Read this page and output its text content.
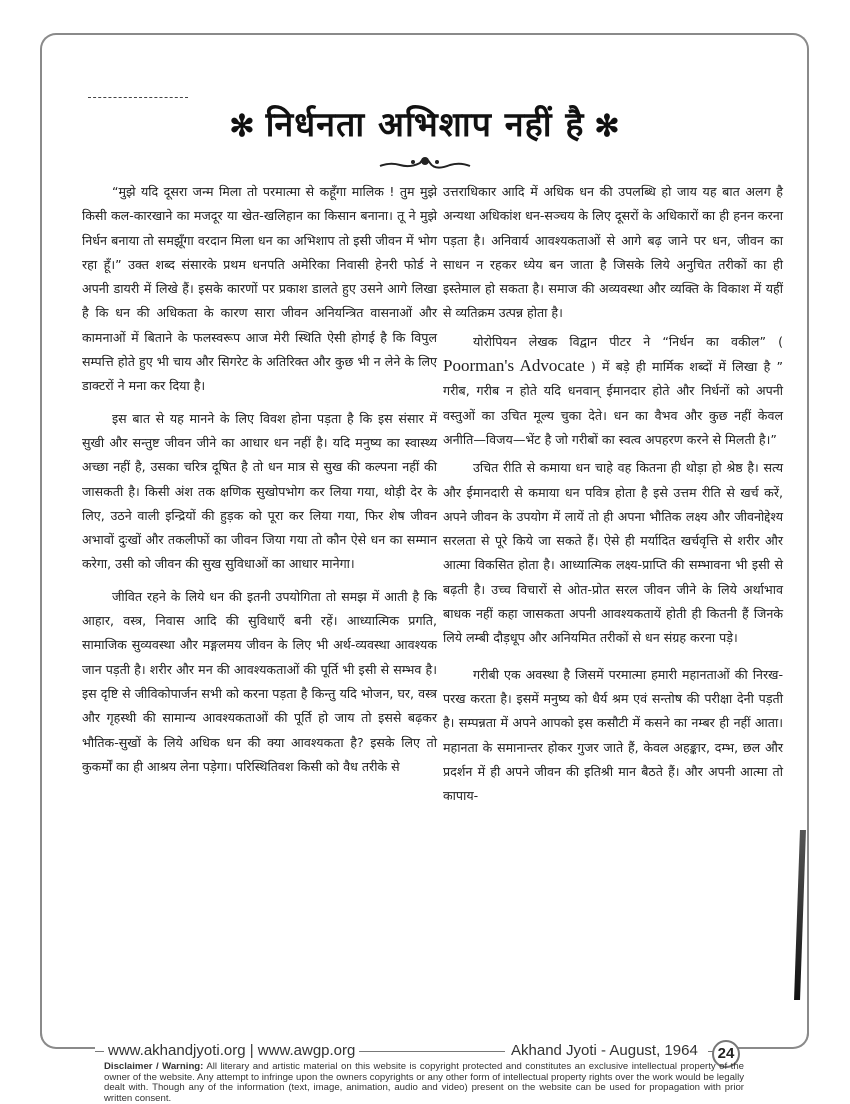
✻ निर्धनता अभिशाप नहीं है ✻

“मुझे यदि दूसरा जन्म मिला तो परमात्मा से कहूँगा मालिक ! तुम मुझे किसी कल-कारखाने का मजदूर या खेत-खलिहान का किसान बनाना। तू ने मुझे निर्धन बनाया तो समझूँगा वरदान मिला धन का अभिशाप तो इसी जीवन में भोग रहा हूँ।” उक्त शब्द संसारके प्रथम धनपति अमेरिका निवासी हेनरी फोर्ड ने अपनी डायरी में लिखे हैं। इसके कारणों पर प्रकाश डालते हुए उसने आगे लिखा है कि धन की अधिकता के कारण सारा जीवन अनियन्त्रित वासनाओं और कामनाओं में बिताने के फलस्वरूप आज मेरी स्थिति ऐसी होगई है कि विपुल सम्पत्ति होते हुए भी चाय और सिगरेट के अतिरिक्त और कुछ भी न लेने के लिए डाक्टरों ने मना कर दिया है।

इस बात से यह मानने के लिए विवश होना पड़ता है कि इस संसार में सुखी और सन्तुष्ट जीवन जीने का आधार धन नहीं है। यदि मनुष्य का स्वास्थ्य अच्छा नहीं है, उसका चरित्र दूषित है तो धन मात्र से सुख की कल्पना नहीं की जासकती है। किसी अंश तक क्षणिक सुखोपभोग कर लिया गया, थोड़ी देर के लिए, उठने वाली इन्द्रियों की हुड़क को पूरा कर लिया गया, फिर शेष जीवन अभावों दुःखों और तकलीफों का जीवन जिया गया तो कौन ऐसे धन का सम्मान करेगा, उसी को जीवन की सुख सुविधाओं का आधार मानेगा।

जीवित रहने के लिये धन की इतनी उपयोगिता तो समझ में आती है कि आहार, वस्त्र, निवास आदि की सुविधाएँ बनी रहें। आध्यात्मिक प्रगति, सामाजिक सुव्यवस्था और मङ्गलमय जीवन के लिए भी अर्थ-व्यवस्था आवश्यक जान पड़ती है। शरीर और मन की आवश्यकताओं की पूर्ति भी इसी से सम्भव है। इस दृष्टि से जीविकोपार्जन सभी को करना पड़ता है किन्तु यदि भोजन, घर, वस्त्र और गृहस्थी की सामान्य आवश्यकताओं की पूर्ति हो जाय तो इससे बढ़कर भौतिक-सुखों के लिये अधिक धन की क्या आवश्यकता है? इसके लिए तो कुकर्मों का ही आश्रय लेना पड़ेगा। परिस्थितिवश किसी को वैध तरीके से

उत्तराधिकार आदि में अधिक धन की उपलब्धि हो जाय यह बात अलग है अन्यथा अधिकांश धन-सञ्चय के लिए दूसरों के अधिकारों का ही हनन करना पड़ता है। अनिवार्य आवश्यकताओं से आगे बढ़ जाने पर धन, जीवन का साधन न रहकर ध्येय बन जाता है जिसके लिये अनुचित तरीकों का ही इस्तेमाल हो सकता है। समाज की अव्यवस्था और व्यक्ति के विकाश में यहीं से व्यतिक्रम उत्पन्न होता है।

योरोपियन लेखक विद्वान पीटर ने “निर्धन का वकील” ( Poorman's Advocate ) में बड़े ही मार्मिक शब्दों में लिखा है ” गरीब, गरीब न होते यदि धनवान् ईमानदार होते और निर्धनों को अपनी वस्तुओं का उचित मूल्य चुका देते। धन का वैभव और कुछ नहीं केवल अनीति—विजय—भेंट है जो गरीबों का स्वत्व अपहरण करने से मिलती है।”

उचित रीति से कमाया धन चाहे वह कितना ही थोड़ा हो श्रेष्ठ है। सत्य और ईमानदारी से कमाया धन पवित्र होता है इसे उत्तम रीति से खर्च करें, अपने जीवन के उपयोग में लायें तो ही अपना भौतिक लक्ष्य और जीवनोद्देश्य सरलता से पूरे किये जा सकते हैं। ऐसे ही मर्यादित खर्चवृत्ति से शरीर और आत्मा विकसित होता है। आध्यात्मिक लक्ष्य-प्राप्ति की सम्भावना भी इसी से बढ़ती है। उच्च विचारों से ओत-प्रोत सरल जीवन जीने के लिये अर्थाभाव बाधक नहीं कहा जासकता अपनी आवश्यकतायें होती ही कितनी हैं जिनके लिये लम्बी दौड़धूप और अनियमित तरीकों से धन संग्रह करना पड़े।

गरीबी एक अवस्था है जिसमें परमात्मा हमारी महानताओं की निरख-परख करता है। इसमें मनुष्य को धैर्य श्रम एवं सन्तोष की परीक्षा देनी पड़ती है। सम्पन्नता में अपने आपको इस कसौटी में कसने का नम्बर ही नहीं आता। महानता के समानान्तर होकर गुजर जाते हैं, केवल अहङ्कार, दम्भ, छल और प्रदर्शन में ही अपने जीवन की इतिश्री मान बैठते हैं। और अपनी आत्मा तो कापाय-

www.akhandjyoti.org | www.awgp.org	Akhand Jyoti - August, 1964	24
Disclaimer / Warning: All literary and artistic material on this website is copyright protected and constitutes an exclusive intellectual property of the owner of the website. Any attempt to infringe upon the owners copyrights or any other form of intellectual property rights over the work would be legally dealt with. Though any of the information (text, image, animation, audio and video) present on the website can be used for propagation with prior written consent.
